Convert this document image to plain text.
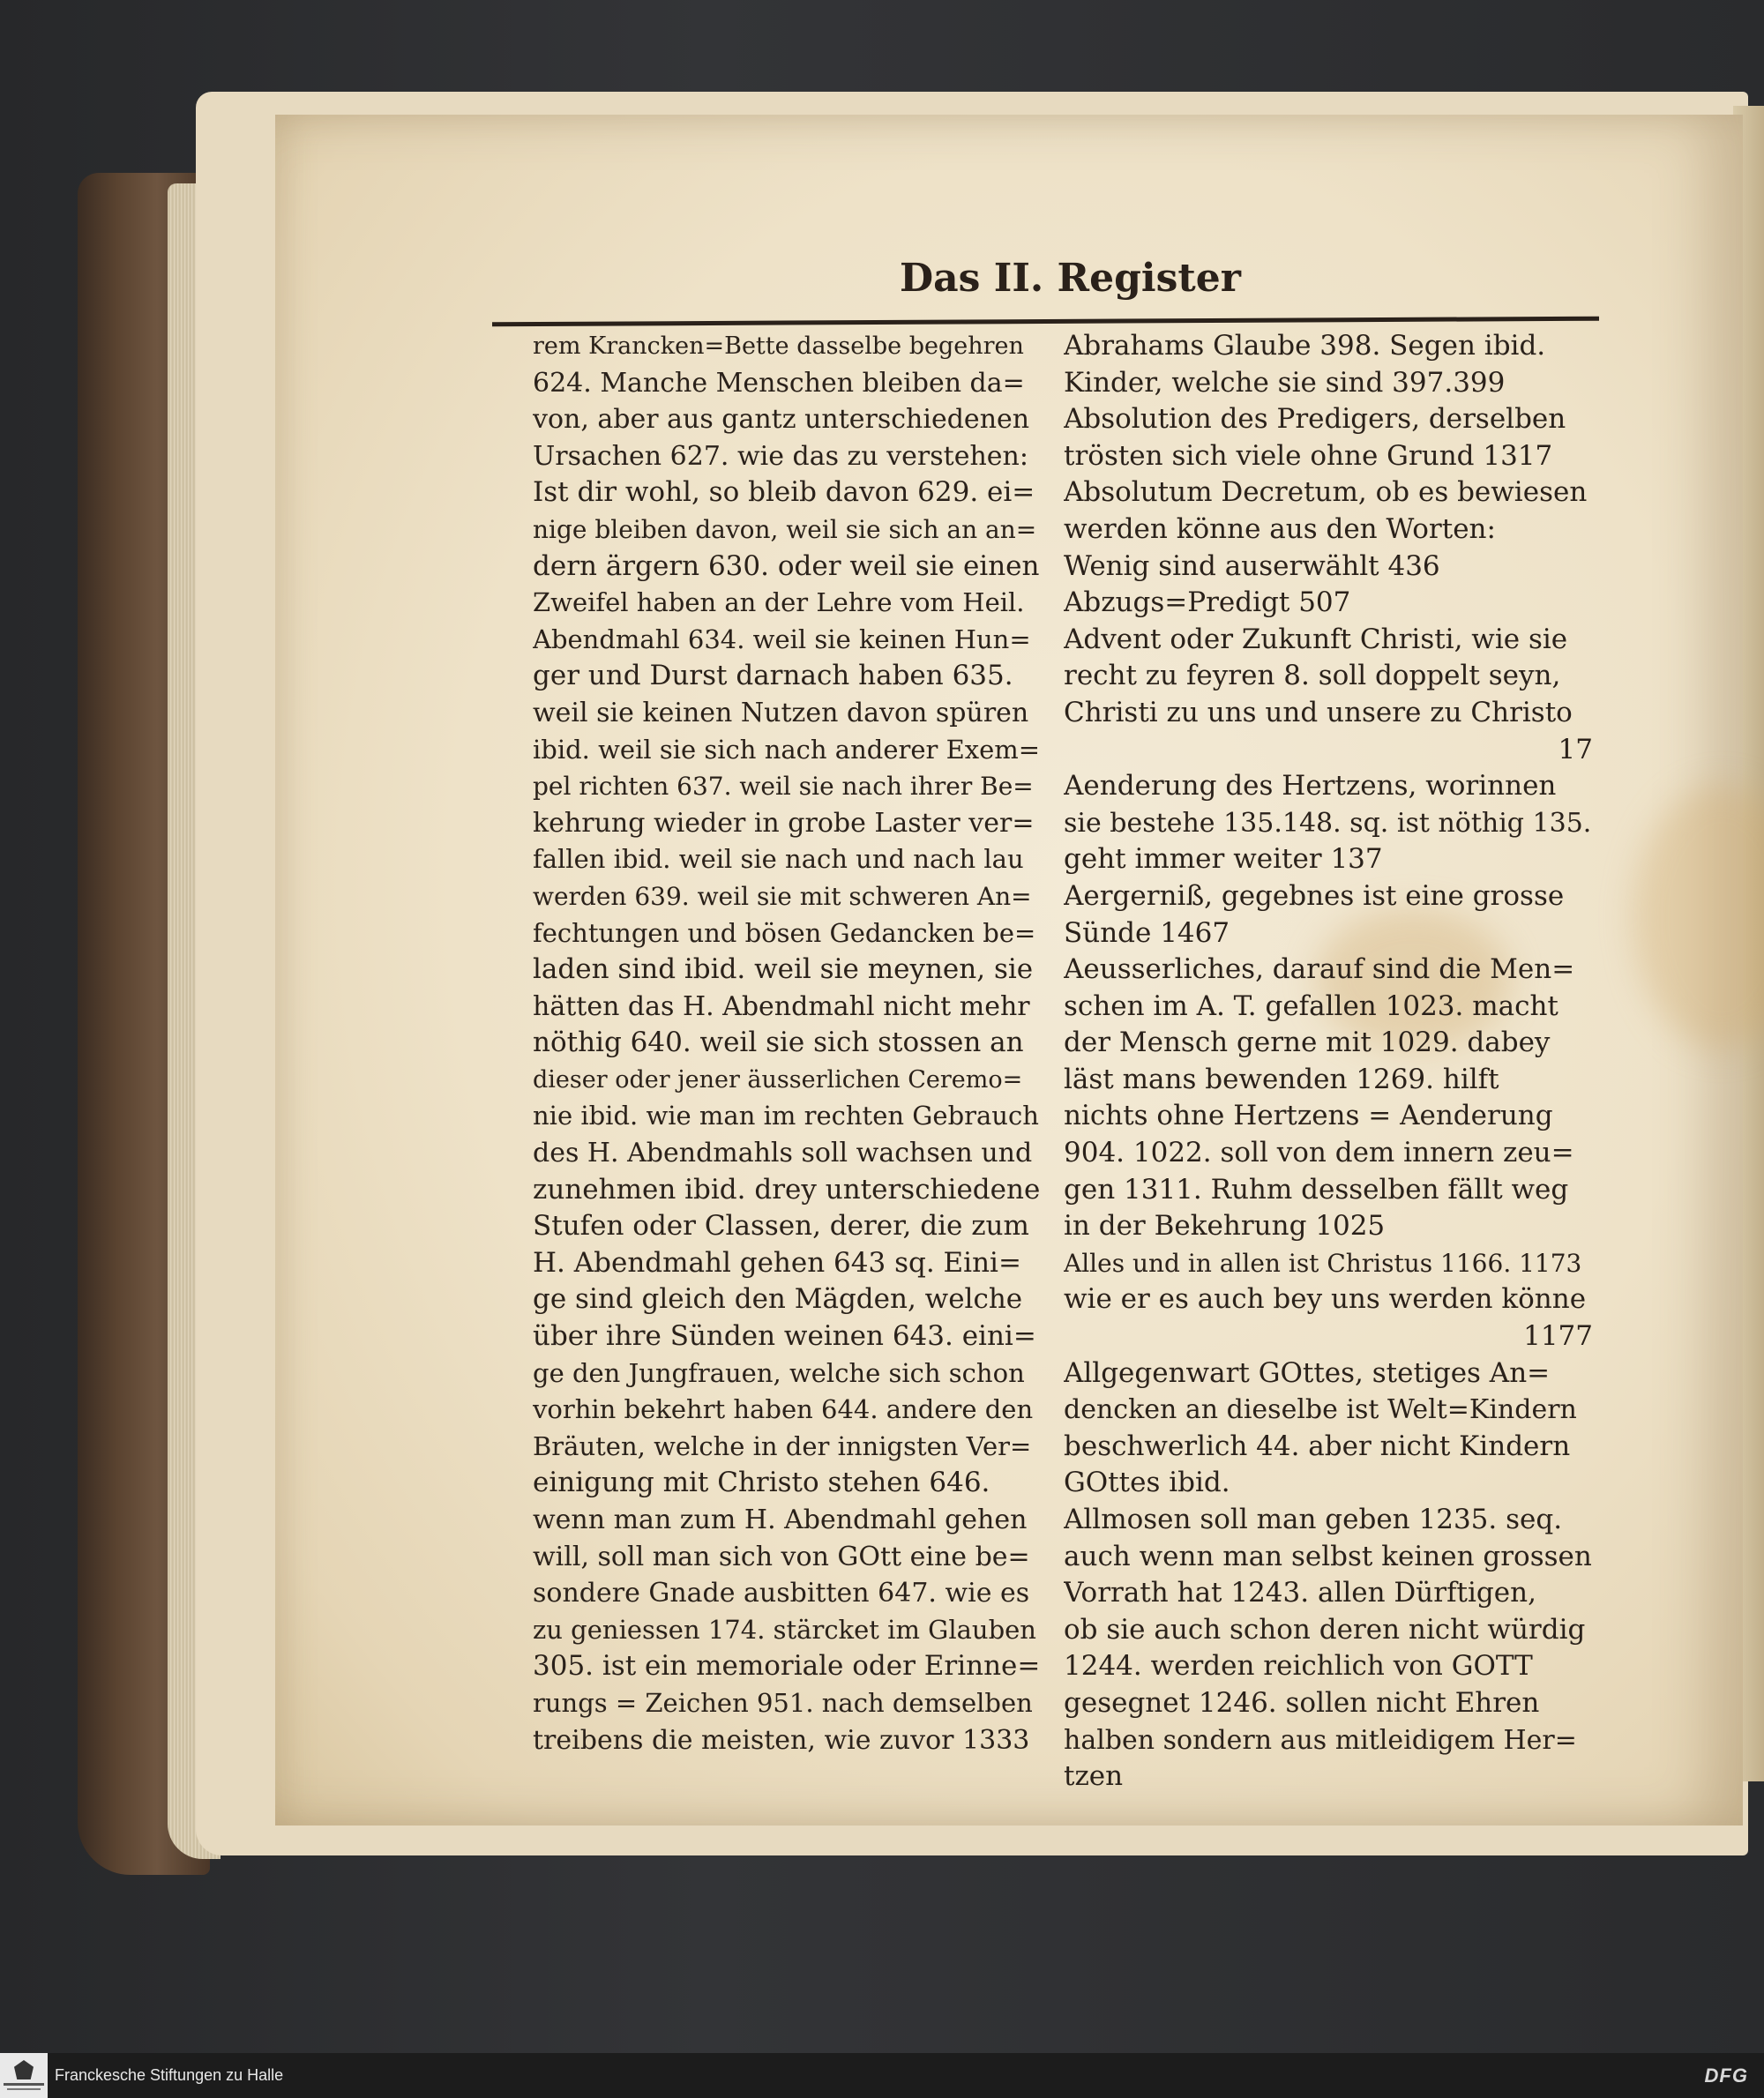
Das II. Register
rem Krancken=Bette dasselbe begehren
624. Manche Menschen bleiben da=
von, aber aus gantz unterschiedenen
Ursachen 627. wie das zu verstehen:
Ist dir wohl, so bleib davon 629. ei=
nige bleiben davon, weil sie sich an an=
dern ärgern 630. oder weil sie einen
Zweifel haben an der Lehre vom Heil.
Abendmahl 634. weil sie keinen Hun=
ger und Durst darnach haben 635.
weil sie keinen Nutzen davon spüren
ibid. weil sie sich nach anderer Exem=
pel richten 637. weil sie nach ihrer Be=
kehrung wieder in grobe Laster ver=
fallen ibid. weil sie nach und nach lau
werden 639. weil sie mit schweren An=
fechtungen und bösen Gedancken be=
laden sind ibid. weil sie meynen, sie
hätten das H. Abendmahl nicht mehr
nöthig 640. weil sie sich stossen an
dieser oder jener äusserlichen Ceremo=
nie ibid. wie man im rechten Gebrauch
des H. Abendmahls soll wachsen und
zunehmen ibid. drey unterschiedene
Stufen oder Classen, derer, die zum
H. Abendmahl gehen 643 sq. Eini=
ge sind gleich den Mägden, welche
über ihre Sünden weinen 643. eini=
ge den Jungfrauen, welche sich schon
vorhin bekehrt haben 644. andere den
Bräuten, welche in der innigsten Ver=
einigung mit Christo stehen 646.
wenn man zum H. Abendmahl gehen
will, soll man sich von GOtt eine be=
sondere Gnade ausbitten 647. wie es
zu geniessen 174. stärcket im Glauben
305. ist ein memoriale oder Erinne=
rungs = Zeichen 951. nach demselben
treibens die meisten, wie zuvor 1333
Abrahams Glaube 398. Segen ibid.
Kinder, welche sie sind 397.399
Absolution des Predigers, derselben
trösten sich viele ohne Grund 1317
Absolutum Decretum, ob es bewiesen
werden könne aus den Worten:
Wenig sind auserwählt 436
Abzugs=Predigt 507
Advent oder Zukunft Christi, wie sie
recht zu feyren 8. soll doppelt seyn,
Christi zu uns und unsere zu Christo
17
Aenderung des Hertzens, worinnen
sie bestehe 135.148. sq. ist nöthig 135.
geht immer weiter 137
Aergerniß, gegebnes ist eine grosse
Sünde 1467
Aeusserliches, darauf sind die Men=
schen im A. T. gefallen 1023. macht
der Mensch gerne mit 1029. dabey
läst mans bewenden 1269. hilft
nichts ohne Hertzens = Aenderung
904. 1022. soll von dem innern zeu=
gen 1311. Ruhm desselben fällt weg
in der Bekehrung 1025
Alles und in allen ist Christus 1166. 1173
wie er es auch bey uns werden könne
1177
Allgegenwart GOttes, stetiges An=
dencken an dieselbe ist Welt=Kindern
beschwerlich 44. aber nicht Kindern
GOttes ibid.
Allmosen soll man geben 1235. seq.
auch wenn man selbst keinen grossen
Vorrath hat 1243. allen Dürftigen,
ob sie auch schon deren nicht würdig
1244. werden reichlich von GOTT
gesegnet 1246. sollen nicht Ehren
halben sondern aus mitleidigem Her=
tzen
Franckesche Stiftungen zu Halle	DFG
